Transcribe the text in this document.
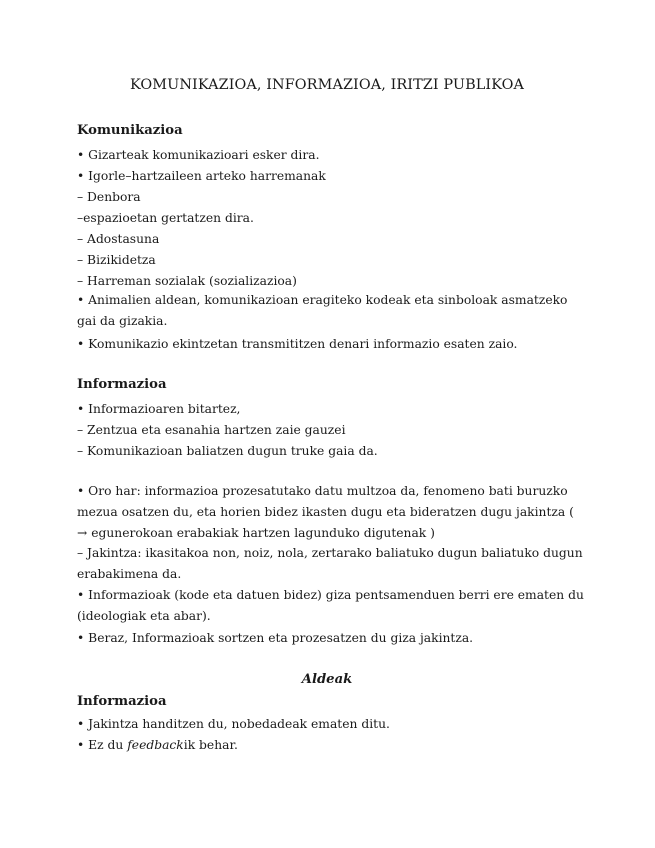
KOMUNIKAZIOA, INFORMAZIOA, IRITZI PUBLIKOA
Komunikazioa
• Gizarteak komunikazioari esker dira.
• Igorle–hartzaileen arteko harremanak
– Denbora
–espazioetan gertatzen dira.
– Adostasuna
– Bizikidetza
– Harreman sozialak (sozializazioa)
• Animalien aldean, komunikazioan eragiteko kodeak eta sinboloak asmatzeko gai da gizakia.
• Komunikazio ekintzetan transmititzen denari informazio esaten zaio.
Informazioa
• Informazioaren bitartez,
– Zentzua eta esanahia hartzen zaie gauzei
– Komunikazioan baliatzen dugun truke gaia da.
• Oro har: informazioa prozesatutako datu multzoa da, fenomeno bati buruzko mezua osatzen du, eta horien bidez ikasten dugu eta bideratzen dugu jakintza ( → egunerokoan erabakiak hartzen lagunduko digutenak )
– Jakintza: ikasitakoa non, noiz, nola, zertarako baliatuko dugun baliatuko dugun erabakimena da.
• Informazioak (kode eta datuen bidez) giza pentsamenduen berri ere ematen du (ideologiak eta abar).
• Beraz, Informazioak sortzen eta prozesatzen du giza jakintza.
Aldeak
Informazioa
• Jakintza handitzen du, nobedadeak ematen ditu.
• Ez du feedbackik behar.
